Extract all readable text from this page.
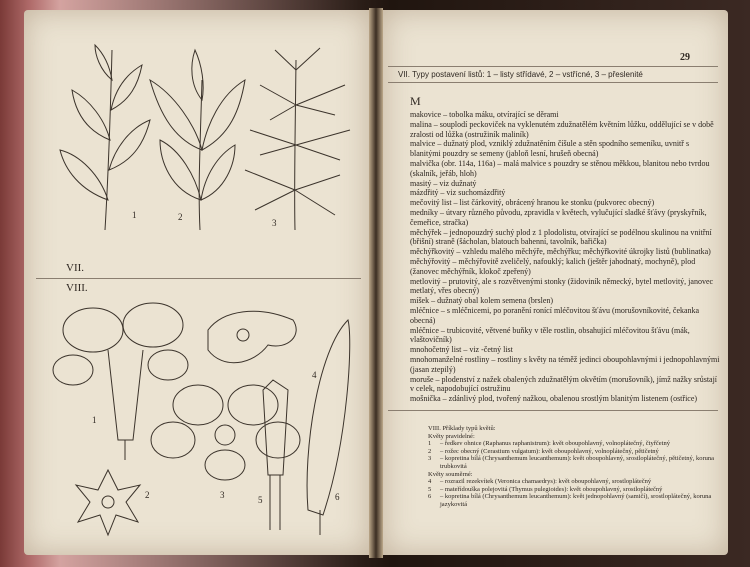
1	2
3
VII.
VIII.
1
2	3
4
5	6
29
VII. Typy postavení listů: 1 – listy střídavé, 2 – vstřícné, 3 – přeslenité
M

makovice – tobolka máku, otvírající se děrami

malina – souplodí peckoviček na vyklenutém zdužnatělém květním lůžku, oddělující se v době zralosti od lůžka (ostružiník maliník)

malvice – dužnatý plod, vzniklý zdužnatěním číšule a stěn spodního semeníku, uvnitř s blanitými pouzdry se semeny (jabloň lesní, hrušeň obecná)

malvička (obr. 114a, 116a) – malá malvice s pouzdry se stěnou měkkou, blanitou nebo tvrdou (skalník, jeřáb, hloh)

masitý – viz dužnatý

mázdřitý – viz suchomázdřitý

mečovitý list – list čárkovitý, obrácený hranou ke stonku (pukvorec obecný)

medníky – útvary různého původu, zpravidla v květech, vylučující sladké šťávy (pryskyřník, čemeřice, stračka)

měchýřek – jednopouzdrý suchý plod z 1 plodolistu, otvírající se podélnou skulinou na vnitřní (břišní) straně (šácholan, blatouch bahenní, tavolník, bařička)

měchýřkovitý – vzhledu malého měchýře, měchýřku; měchýřkovité úkrojky listů (bublinatka)

měchýřovitý – měchýřovitě zveličelý, nafouklý; kalich (ještěr jahodnatý, mochyně), plod (žanovec měchýřník, klokoč zpeřený)

metlovitý – prutovitý, ale s rozvětvenými stonky (židoviník německý, bytel metlovitý, janovec metlatý, vřes obecný)

míšek – dužnatý obal kolem semena (brslen)

mléčnice – s mléčnicemi, po poranění ronící mléčovitou šťávu (morušovníkovité, čekanka obecná)

mléčnice – trubicovité, větvené buňky v těle rostlin, obsahující mléčovitou šťávu (mák, vlaštovičník)

mnohočetný list – viz -četný list

mnohomanželné rostliny – rostliny s květy na téměž jedinci oboupohlavnými i jednopohlavnými (jasan ztepilý)

moruše – plodenství z nažek obalených zdužnatělým okvětím (morušovník), jímž nažky srůstají v celek, napodobující ostružinu

mošnička – zdánlivý plod, tvořený nažkou, obalenou srostlým blanitým listenem (ostřice)

VIII. Příklady typů květů:
Květy pravidelné:
1	– ředkev ohnice (Raphanus raphanistrum): květ oboupohlavný, volnoplátečný, čtyřčetný
2	– rožec obecný (Cerastium vulgatum): květ oboupohlavný, volnoplátečný, pětičetný
3	– kopretina bílá (Chrysanthemum leucanthemum): květ oboupohlavný, srostloplátečný, pětičetný, koruna trubkovitá
Květy souměrné:
4	– rozrazil rezekvítek (Veronica chamaedrys): květ oboupohlavný, srostloplátečný
5	– mateřídouška polejovitá (Thymus pulegioides): květ oboupohlavný, srostloplátečný
6	– kopretina bílá (Chrysanthemum leucanthemum): květ jednopohlavný (samičí), srostloplátečný, koruna jazykovitá
